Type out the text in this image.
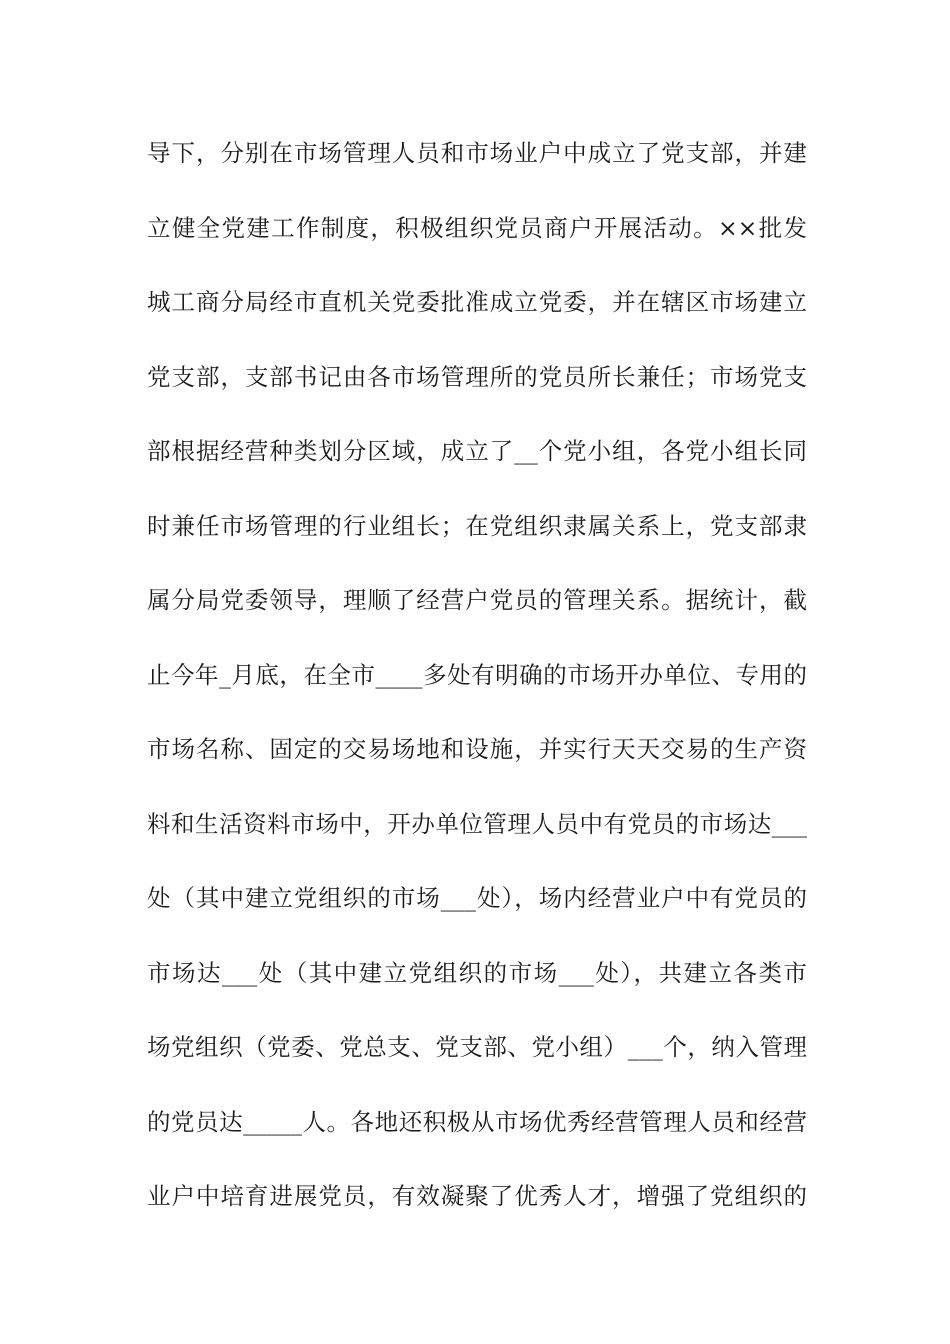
导下，分别在市场管理人员和市场业户中成立了党支部，并建
立健全党建工作制度，积极组织党员商户开展活动。××批发
城工商分局经市直机关党委批准成立党委，并在辖区市场建立
党支部，支部书记由各市场管理所的党员所长兼任；市场党支
部根据经营种类划分区域，成立了__个党小组，各党小组长同
时兼任市场管理的行业组长；在党组织隶属关系上，党支部隶
属分局党委领导，理顺了经营户党员的管理关系。据统计，截
止今年_月底，在全市____多处有明确的市场开办单位、专用的
市场名称、固定的交易场地和设施，并实行天天交易的生产资
料和生活资料市场中，开办单位管理人员中有党员的市场达___
处（其中建立党组织的市场___处），场内经营业户中有党员的
市场达___处（其中建立党组织的市场___处），共建立各类市
场党组织（党委、党总支、党支部、党小组）___个，纳入管理
的党员达_____人。各地还积极从市场优秀经营管理人员和经营
业户中培育进展党员，有效凝聚了优秀人才，增强了党组织的
